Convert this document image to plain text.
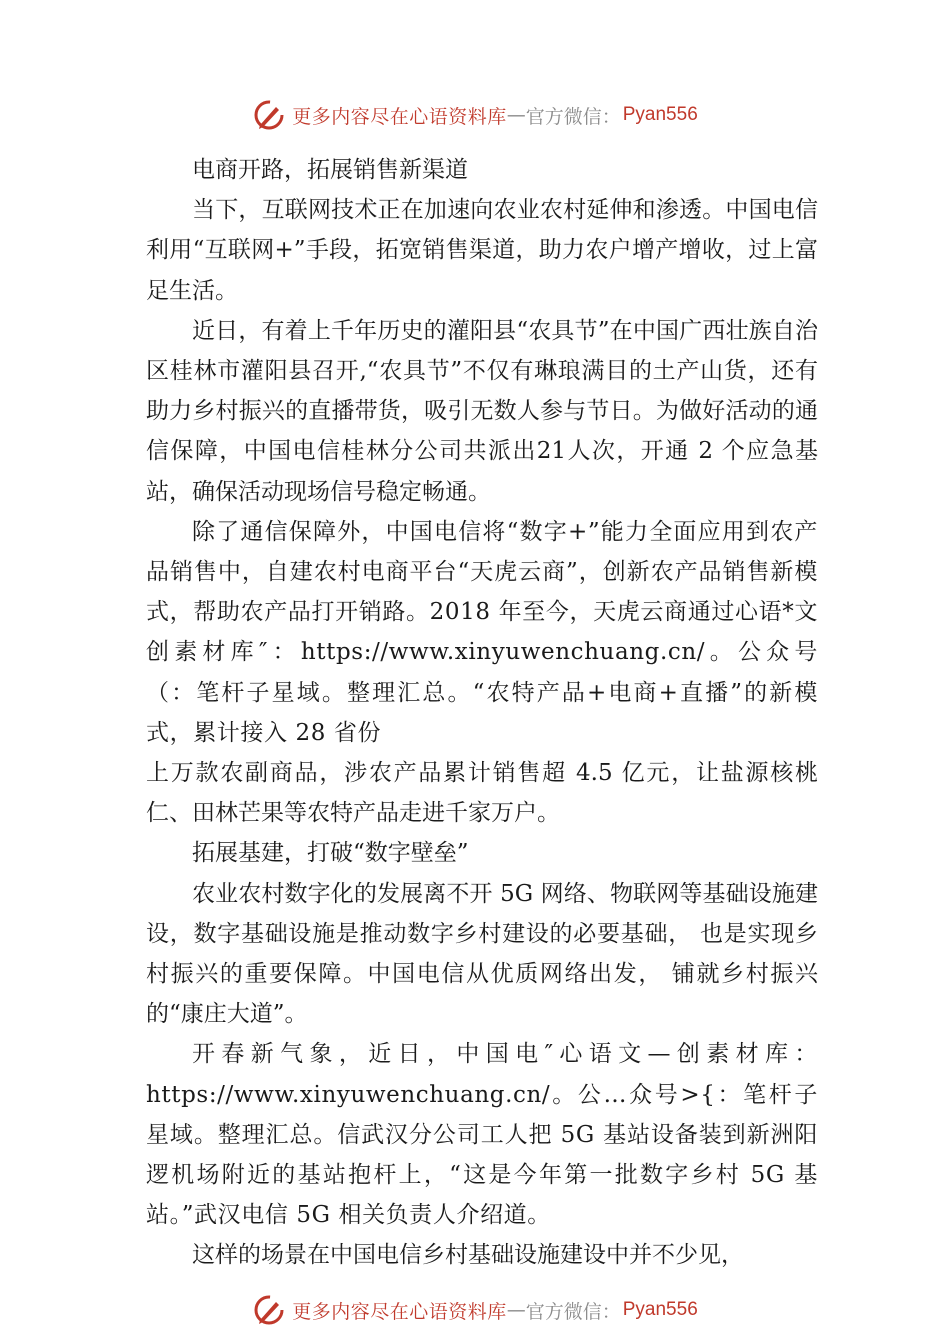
更多内容尽在心语资料库 — 官方微信： Pyan556

电商开路，拓展销售新渠道

当下，互联网技术正在加速向农业农村延伸和渗透。中国电信利用“互联网+”手段，拓宽销售渠道，助力农户增产增收，过上富足生活。

近日，有着上千年历史的灌阳县“农具节”在中国广西壮族自治区桂林市灌阳县召开,“农具节”不仅有琳琅满目的土产山货，还有助力乡村振兴的直播带货，吸引无数人参与节日。为做好活动的通信保障，中国电信桂林分公司共派出21人次，开通 2 个应急基站，确保活动现场信号稳定畅通。

除了通信保障外，中国电信将“数字+”能力全面应用到农产品销售中，自建农村电商平台“天虎云商”，创新农产品销售新模式，帮助农产品打开销路。2018 年至今，天虎云商通过心语*文创素材库″：https://www.xinyuwenchuang.cn/。公众号（：笔杆子星域。整理汇总。“农特产品+电商+直播”的新模式，累计接入 28 省份

上万款农副商品，涉农产品累计销售超 4.5 亿元，让盐源核桃仁、田林芒果等农特产品走进千家万户。

拓展基建，打破“数字壁垒”

农业农村数字化的发展离不开 5G 网络、物联网等基础设施建设，数字基础设施是推动数字乡村建设的必要基础， 也是实现乡村振兴的重要保障。中国电信从优质网络出发， 铺就乡村振兴的“康庄大道”。

开春新气象，近日，中国电″心语文—创素材库：https://www.xinyuwenchuang.cn/。公…众号>{：笔杆子星域。整理汇总。信武汉分公司工人把 5G 基站设备装到新洲阳逻机场附近的基站抱杆上，“这是今年第一批数字乡村 5G 基站。”武汉电信 5G 相关负责人介绍道。

这样的场景在中国电信乡村基础设施建设中并不少见，

更多内容尽在心语资料库 — 官方微信： Pyan556
